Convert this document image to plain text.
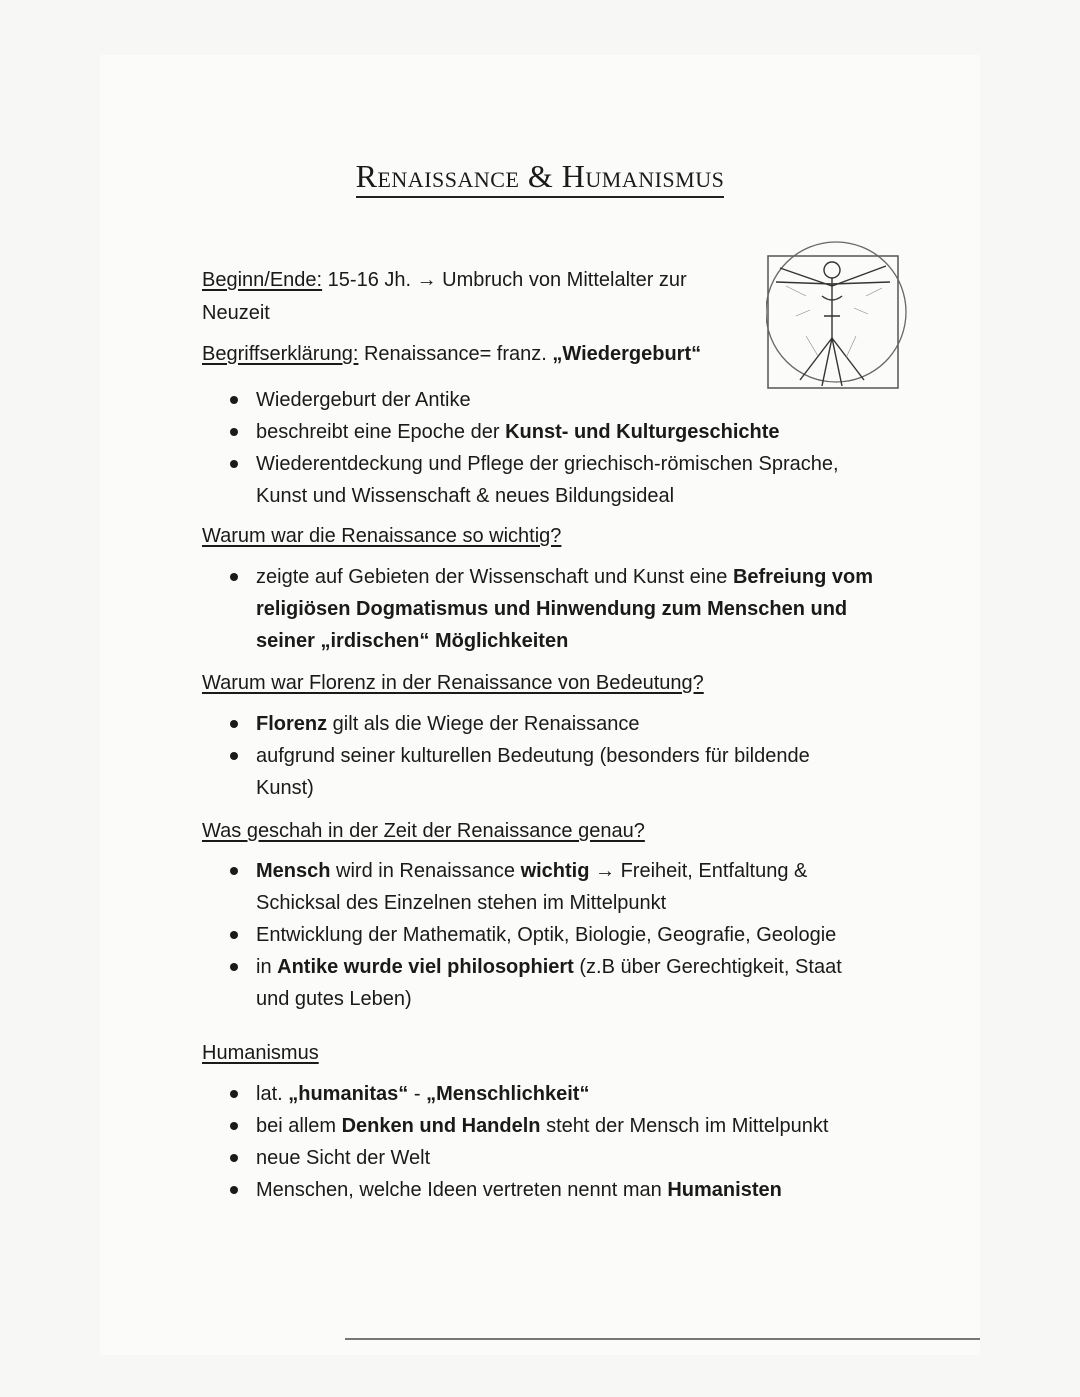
Renaissance & Humanismus
Beginn/Ende: 15-16 Jh. → Umbruch von Mittelalter zur
Neuzeit
Begriffserklärung: Renaissance= franz. „Wiedergeburt“
Wiedergeburt der Antike
beschreibt eine Epoche der Kunst- und Kulturgeschichte
Wiederentdeckung und Pflege der griechisch-römischen Sprache,
Kunst und Wissenschaft & neues Bildungsideal
Warum war die Renaissance so wichtig?
zeigte auf Gebieten der Wissenschaft und Kunst eine Befreiung vom
religiösen Dogmatismus und Hinwendung zum Menschen und
seiner „irdischen“ Möglichkeiten
Warum war Florenz in der Renaissance von Bedeutung?
Florenz gilt als die Wiege der Renaissance
aufgrund seiner kulturellen Bedeutung (besonders für bildende
Kunst)
Was geschah in der Zeit der Renaissance genau?
Mensch wird in Renaissance wichtig → Freiheit, Entfaltung &
Schicksal des Einzelnen stehen im Mittelpunkt
Entwicklung der Mathematik, Optik, Biologie, Geografie, Geologie
in Antike wurde viel philosophiert (z.B über Gerechtigkeit, Staat
und gutes Leben)
Humanismus
lat. „humanitas“ - „Menschlichkeit“
bei allem Denken und Handeln steht der Mensch im Mittelpunkt
neue Sicht der Welt
Menschen, welche Ideen vertreten nennt man Humanisten
